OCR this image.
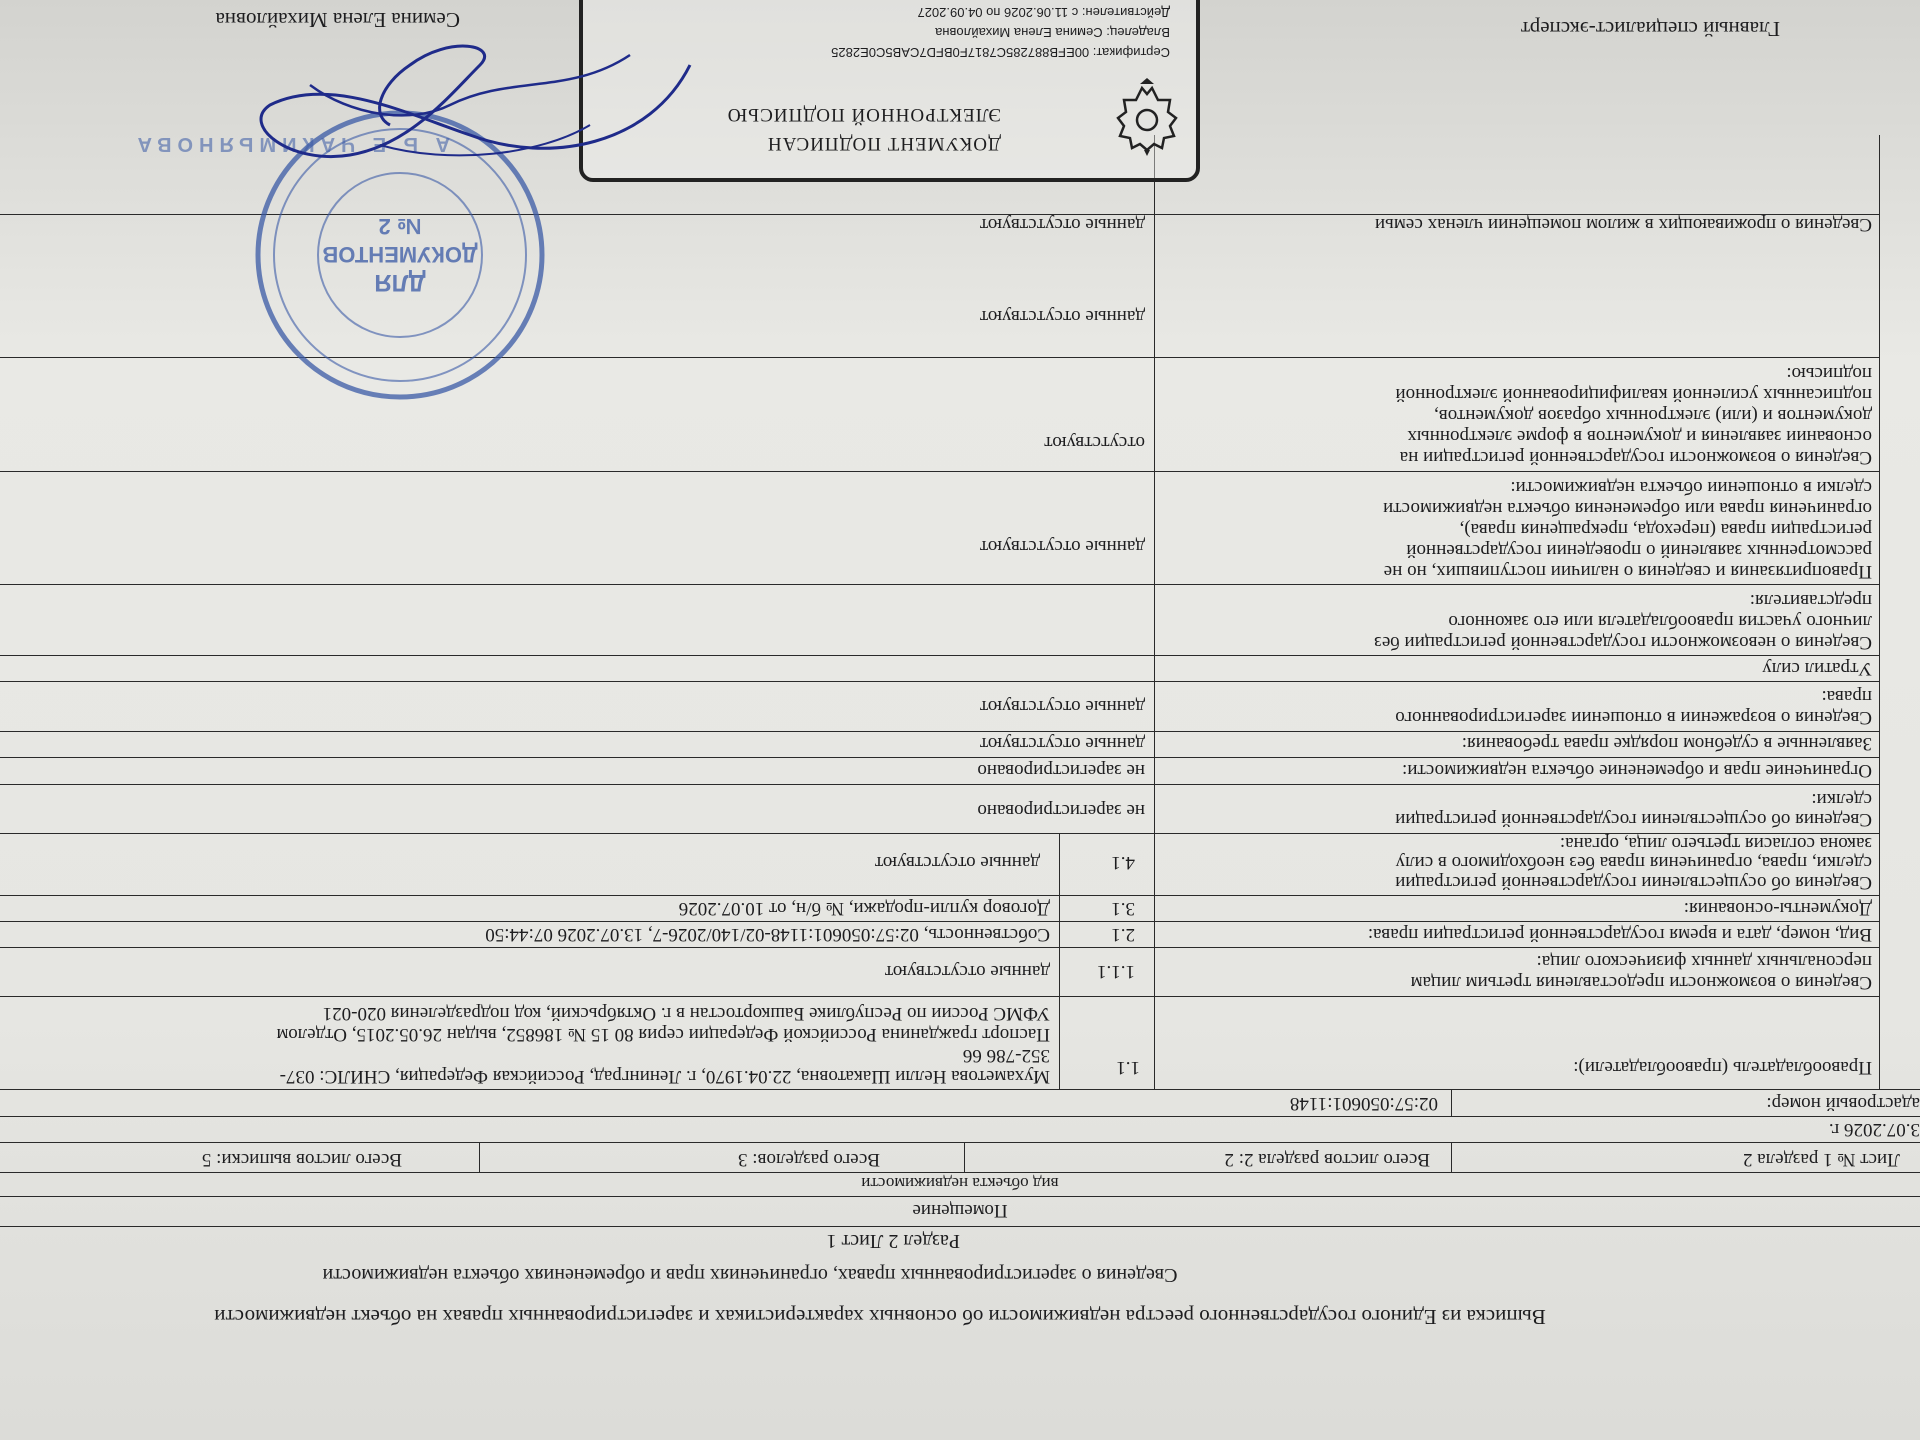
Выписка из Единого государственного реестра недвижимости об основных характеристиках и зарегистрированных правах на объект недвижимости
Сведения о зарегистрированных правах, ограничениях прав и обременениях объекта недвижимости
Раздел 2 Лист 1
Помещение
вид объекта недвижимости
Лист № 1 раздела 2
Всего листов раздела 2: 2
Всего разделов: 3
Всего листов выписки: 5
3.07.2026 г.
адастровый номер:
02:57:050601:1148
Правообладатель (правообладатели):
1.1
Мухаметова Нелли Шакатовна, 22.04.1970, г. Ленинград, Российская Федерация, СНИЛС: 037-
352-786 66
Паспорт гражданина Российской Федерации серия 80 15 № 186852, выдан 26.05.2015, Отделом
УФМС России по Республике Башкортостан в г. Октябрьский, код подразделения 020-021
Сведения о возможности предоставления третьим лицам
персональных данных физического лица:
1.1.1
данные отсутствуют
Вид, номер, дата и время государственной регистрации права:
2.1
Собственность, 02:57:050601:1148-02/140/2026-7, 13.07.2026 07:44:50
Документы-основания:
3.1
Договор купли-продажи, № б/н, от 10.07.2026
Сведения об осуществлении государственной регистрации
сделки, права, ограничения права без необходимого в силу
закона согласия третьего лица, органа:
4.1
данные отсутствуют
Сведения об осуществлении государственной регистрации
сделки:
не зарегистрировано
Ограничение прав и обременение объекта недвижимости:
не зарегистрировано
Заявленные в судебном порядке права требования:
данные отсутствуют
Сведения о возражении в отношении зарегистрированного
права:
данные отсутствуют
Утратил силу
Сведения о невозможности государственной регистрации без
личного участия правообладателя или его законного
представителя:
данные отсутствуют
Правопритязания и сведения о наличии поступивших, но не
рассмотренных заявлений о проведении государственной
регистрации права (перехода, прекращения права),
ограничения права или обременения объекта недвижимости
сделки в отношении объекта недвижимости:
отсутствуют
Сведения о возможности государственной регистрации на
основании заявления и документов в форме электронных
документов и (или) электронных образов документов,
подписанных усиленной квалифицированной электронной
подписью:
данные отсутствуют
Сведения о проживающих в жилом помещении членах семьи
данные отсутствуют
ДОКУМЕНТ ПОДПИСАН
ЭЛЕКТРОННОЙ ПОДПИСЬЮ
Сертификат: 00EFB887285C7817F0BFD7CAB5C0E2825
Владелец: Семина Елена Михайловна
Действителен: с 11.06.2026 по 04.09.2027
ДЛЯ
ДОКУМЕНТОВ
№ 2
А Ь Е ЧАКИМЬЯНОВА
Семина Елена Михайловна	Главный специалист-эксперт
